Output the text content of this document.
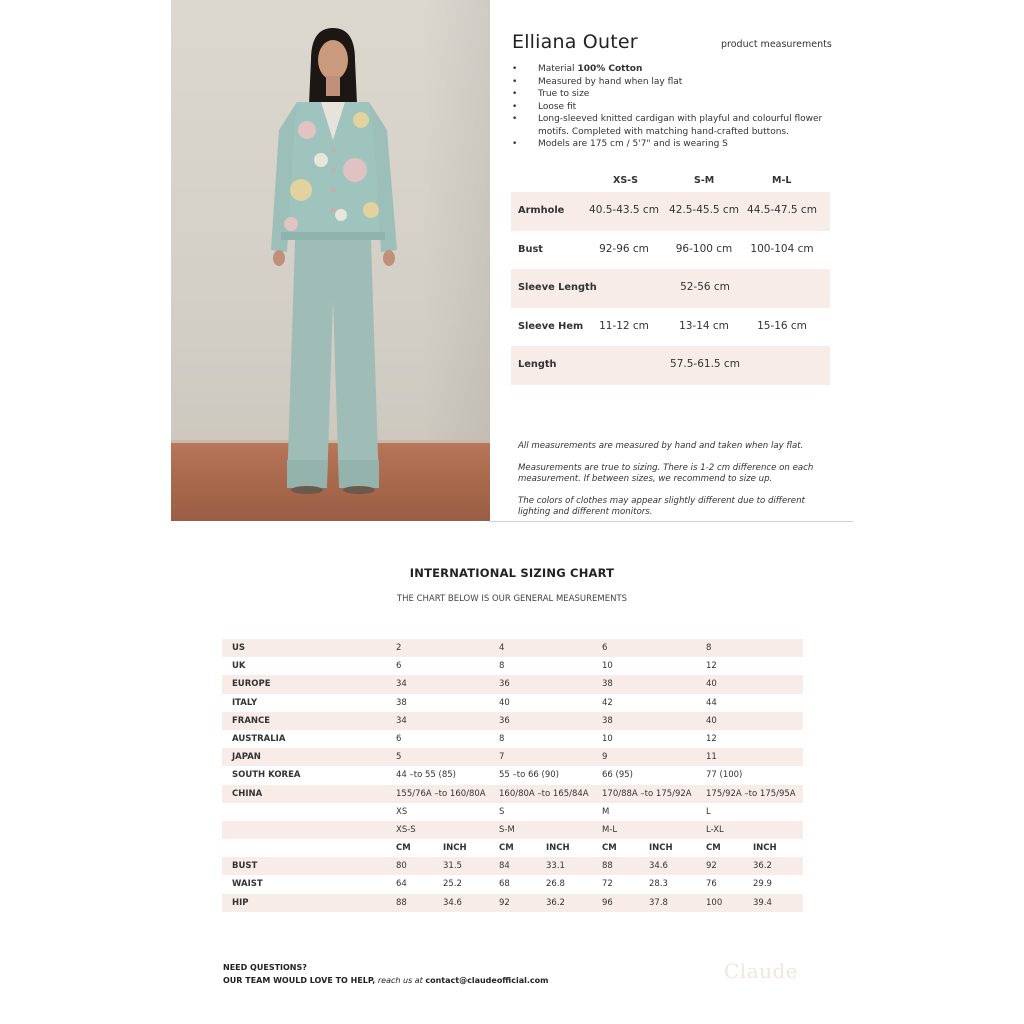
Elliana Outer	product measurements
• Material 100% Cotton
• Measured by hand when lay flat
• True to size
• Loose fit
• Long-sleeved knitted cardigan with playful and colourful flower motifs. Completed with matching hand-crafted buttons.
• Models are 175 cm / 5'7" and is wearing S
XS-S	S-M	M-L
Armhole	40.5-43.5 cm 42.5-45.5 cm 44.5-47.5 cm
Bust	92-96 cm	96-100 cm	100-104 cm
Sleeve Length	52-56 cm
Sleeve Hem	11-12 cm	13-14 cm	15-16 cm
Length	57.5-61.5 cm

All measurements are measured by hand and taken when lay flat.

Measurements are true to sizing. There is 1-2 cm difference on each measurement. If between sizes, we recommend to size up.

The colors of clothes may appear slightly different due to different lighting and different monitors.

INTERNATIONAL SIZING CHART
THE CHART BELOW IS OUR GENERAL MEASUREMENTS
US	2	4	6	8
UK	6	8	10	12
EUROPE	34	36	38	40
ITALY	38	40	42	44
FRANCE	34	36	38	40
AUSTRALIA	6	8	10	12
JAPAN	5	7	9	11
SOUTH KOREA	44 –to 55 (85)	55 –to 66 (90)	66 (95)	77 (100)
CHINA	155/76A –to 160/80A 160/80A –to 165/84A 170/88A –to 175/92A 175/92A –to 175/95A
XS	S	M	L
XS-S	S-M	M-L	L-XL
CM	INCH	CM	INCH	CM	INCH	CM	INCH
BUST	80	31.5	84	33.1	88	34.6	92	36.2
WAIST	64	25.2	68	26.8	72	28.3	76	29.9
HIP	88	34.6	92	36.2	96	37.8	100	39.4
NEED QUESTIONS?
OUR TEAM WOULD LOVE TO HELP, reach us at contact@claudeofficial.com	Claude
